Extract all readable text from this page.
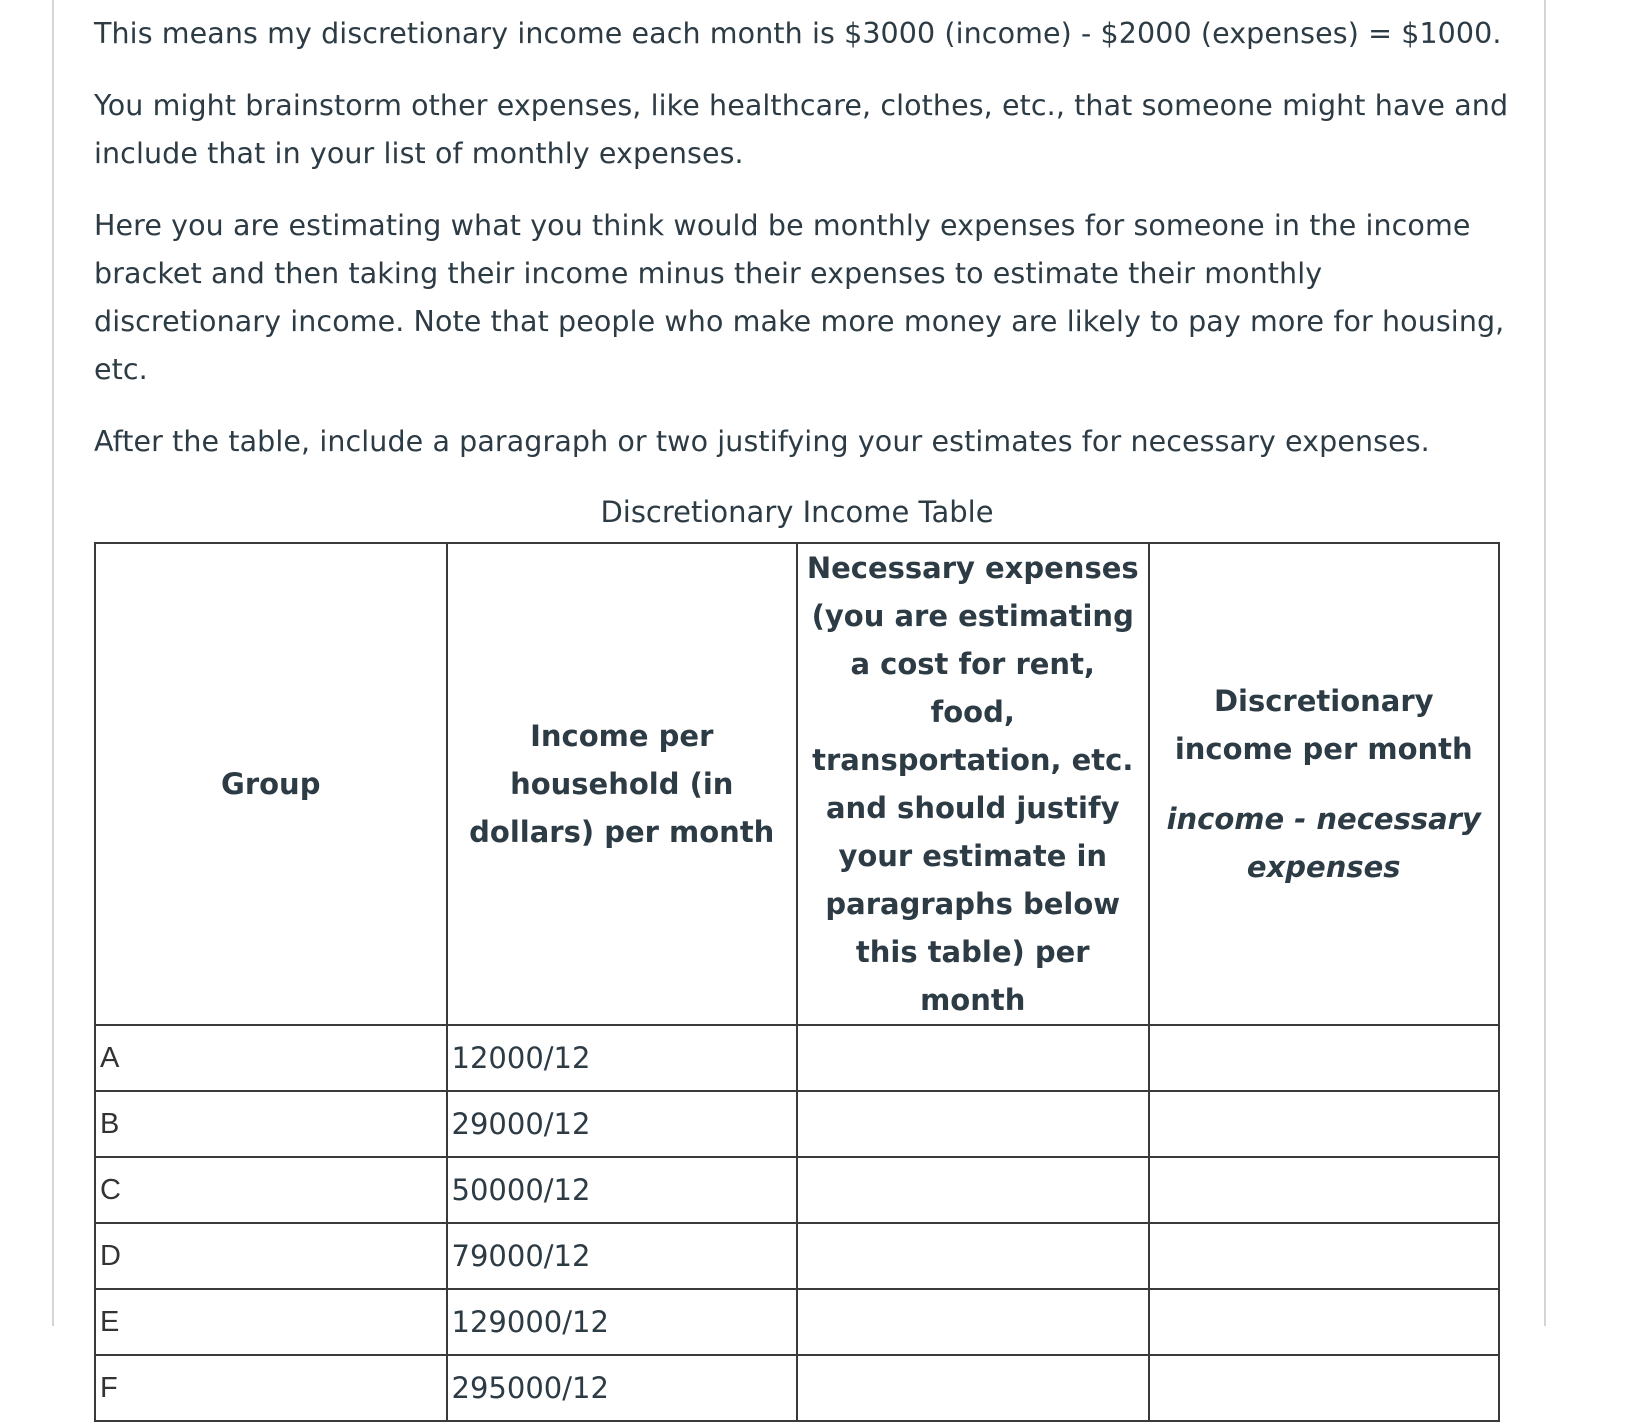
This means my discretionary income each month is $3000 (income) - $2000 (expenses) = $1000.

You might brainstorm other expenses, like healthcare, clothes, etc., that someone might have and include that in your list of monthly expenses.

Here you are estimating what you think would be monthly expenses for someone in the income bracket and then taking their income minus their expenses to estimate their monthly discretionary income. Note that people who make more money are likely to pay more for housing, etc.

After the table, include a paragraph or two justifying your estimates for necessary expenses.

Discretionary Income Table
Group	Income per household (in dollars) per month	Necessary expenses (you are estimating a cost for rent, food, transportation, etc. and should justify your estimate in paragraphs below this table) per month	Discretionary income per month
income - necessary expenses

A	12000/12		
B	29000/12		
C	50000/12		
D	79000/12		
E	129000/12		
F	295000/12		
